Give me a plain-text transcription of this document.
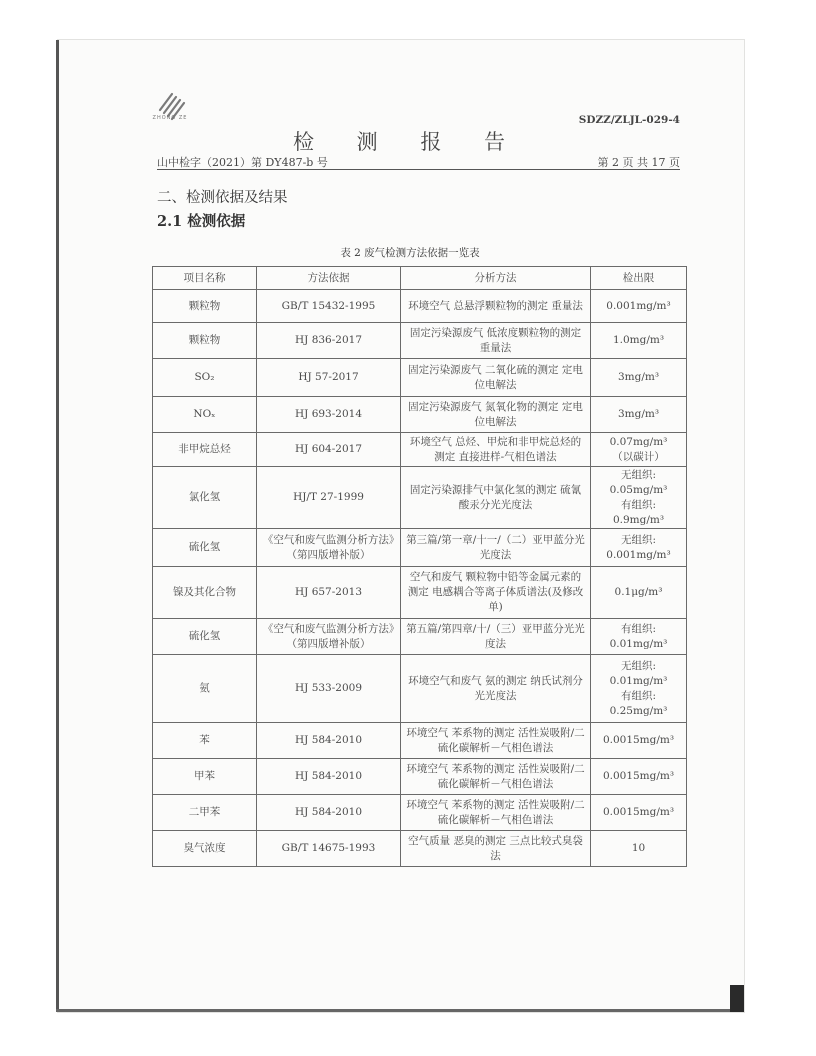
ZHONG ZE	SDZZ/ZLJL-029-4
检 测 报 告
山中检字（2021）第 DY487-b 号	第 2 页 共 17 页
二、检测依据及结果
2.1 检测依据
表 2 废气检测方法依据一览表
项目名称	方法依据	分析方法	检出限
颗粒物	GB/T 15432-1995	环境空气 总悬浮颗粒物的测定 重量法	0.001mg/m³
颗粒物	HJ 836-2017	固定污染源废气 低浓度颗粒物的测定 重量法	1.0mg/m³
SO₂	HJ 57-2017	固定污染源废气 二氧化硫的测定 定电位电解法	3mg/m³
NOₓ	HJ 693-2014	固定污染源废气 氮氧化物的测定 定电位电解法	3mg/m³
非甲烷总烃	HJ 604-2017	环境空气 总烃、甲烷和非甲烷总烃的测定 直接进样-气相色谱法	0.07mg/m³
（以碳计）

氯化氢	HJ/T 27-1999	固定污染源排气中氯化氢的测定 硫氰酸汞分光光度法	无组织:
0.05mg/m³
有组织:
0.9mg/m³

硫化氢	《空气和废气监测分析方法》（第四版增补版）	第三篇/第一章/十一/（二）亚甲蓝分光光度法	无组织:
0.001mg/m³

镍及其化合物	HJ 657-2013	空气和废气 颗粒物中铅等金属元素的测定 电感耦合等离子体质谱法(及修改单)	0.1μg/m³
硫化氢	《空气和废气监测分析方法》（第四版增补版）	第五篇/第四章/十/（三）亚甲蓝分光光度法	有组织:
0.01mg/m³

氨	HJ 533-2009	环境空气和废气 氨的测定 纳氏试剂分光光度法	无组织:
0.01mg/m³
有组织:
0.25mg/m³

苯	HJ 584-2010	环境空气 苯系物的测定 活性炭吸附/二硫化碳解析－气相色谱法	0.0015mg/m³
甲苯	HJ 584-2010	环境空气 苯系物的测定 活性炭吸附/二硫化碳解析－气相色谱法	0.0015mg/m³
二甲苯	HJ 584-2010	环境空气 苯系物的测定 活性炭吸附/二硫化碳解析－气相色谱法	0.0015mg/m³
臭气浓度	GB/T 14675-1993	空气质量 恶臭的测定 三点比较式臭袋法	10
